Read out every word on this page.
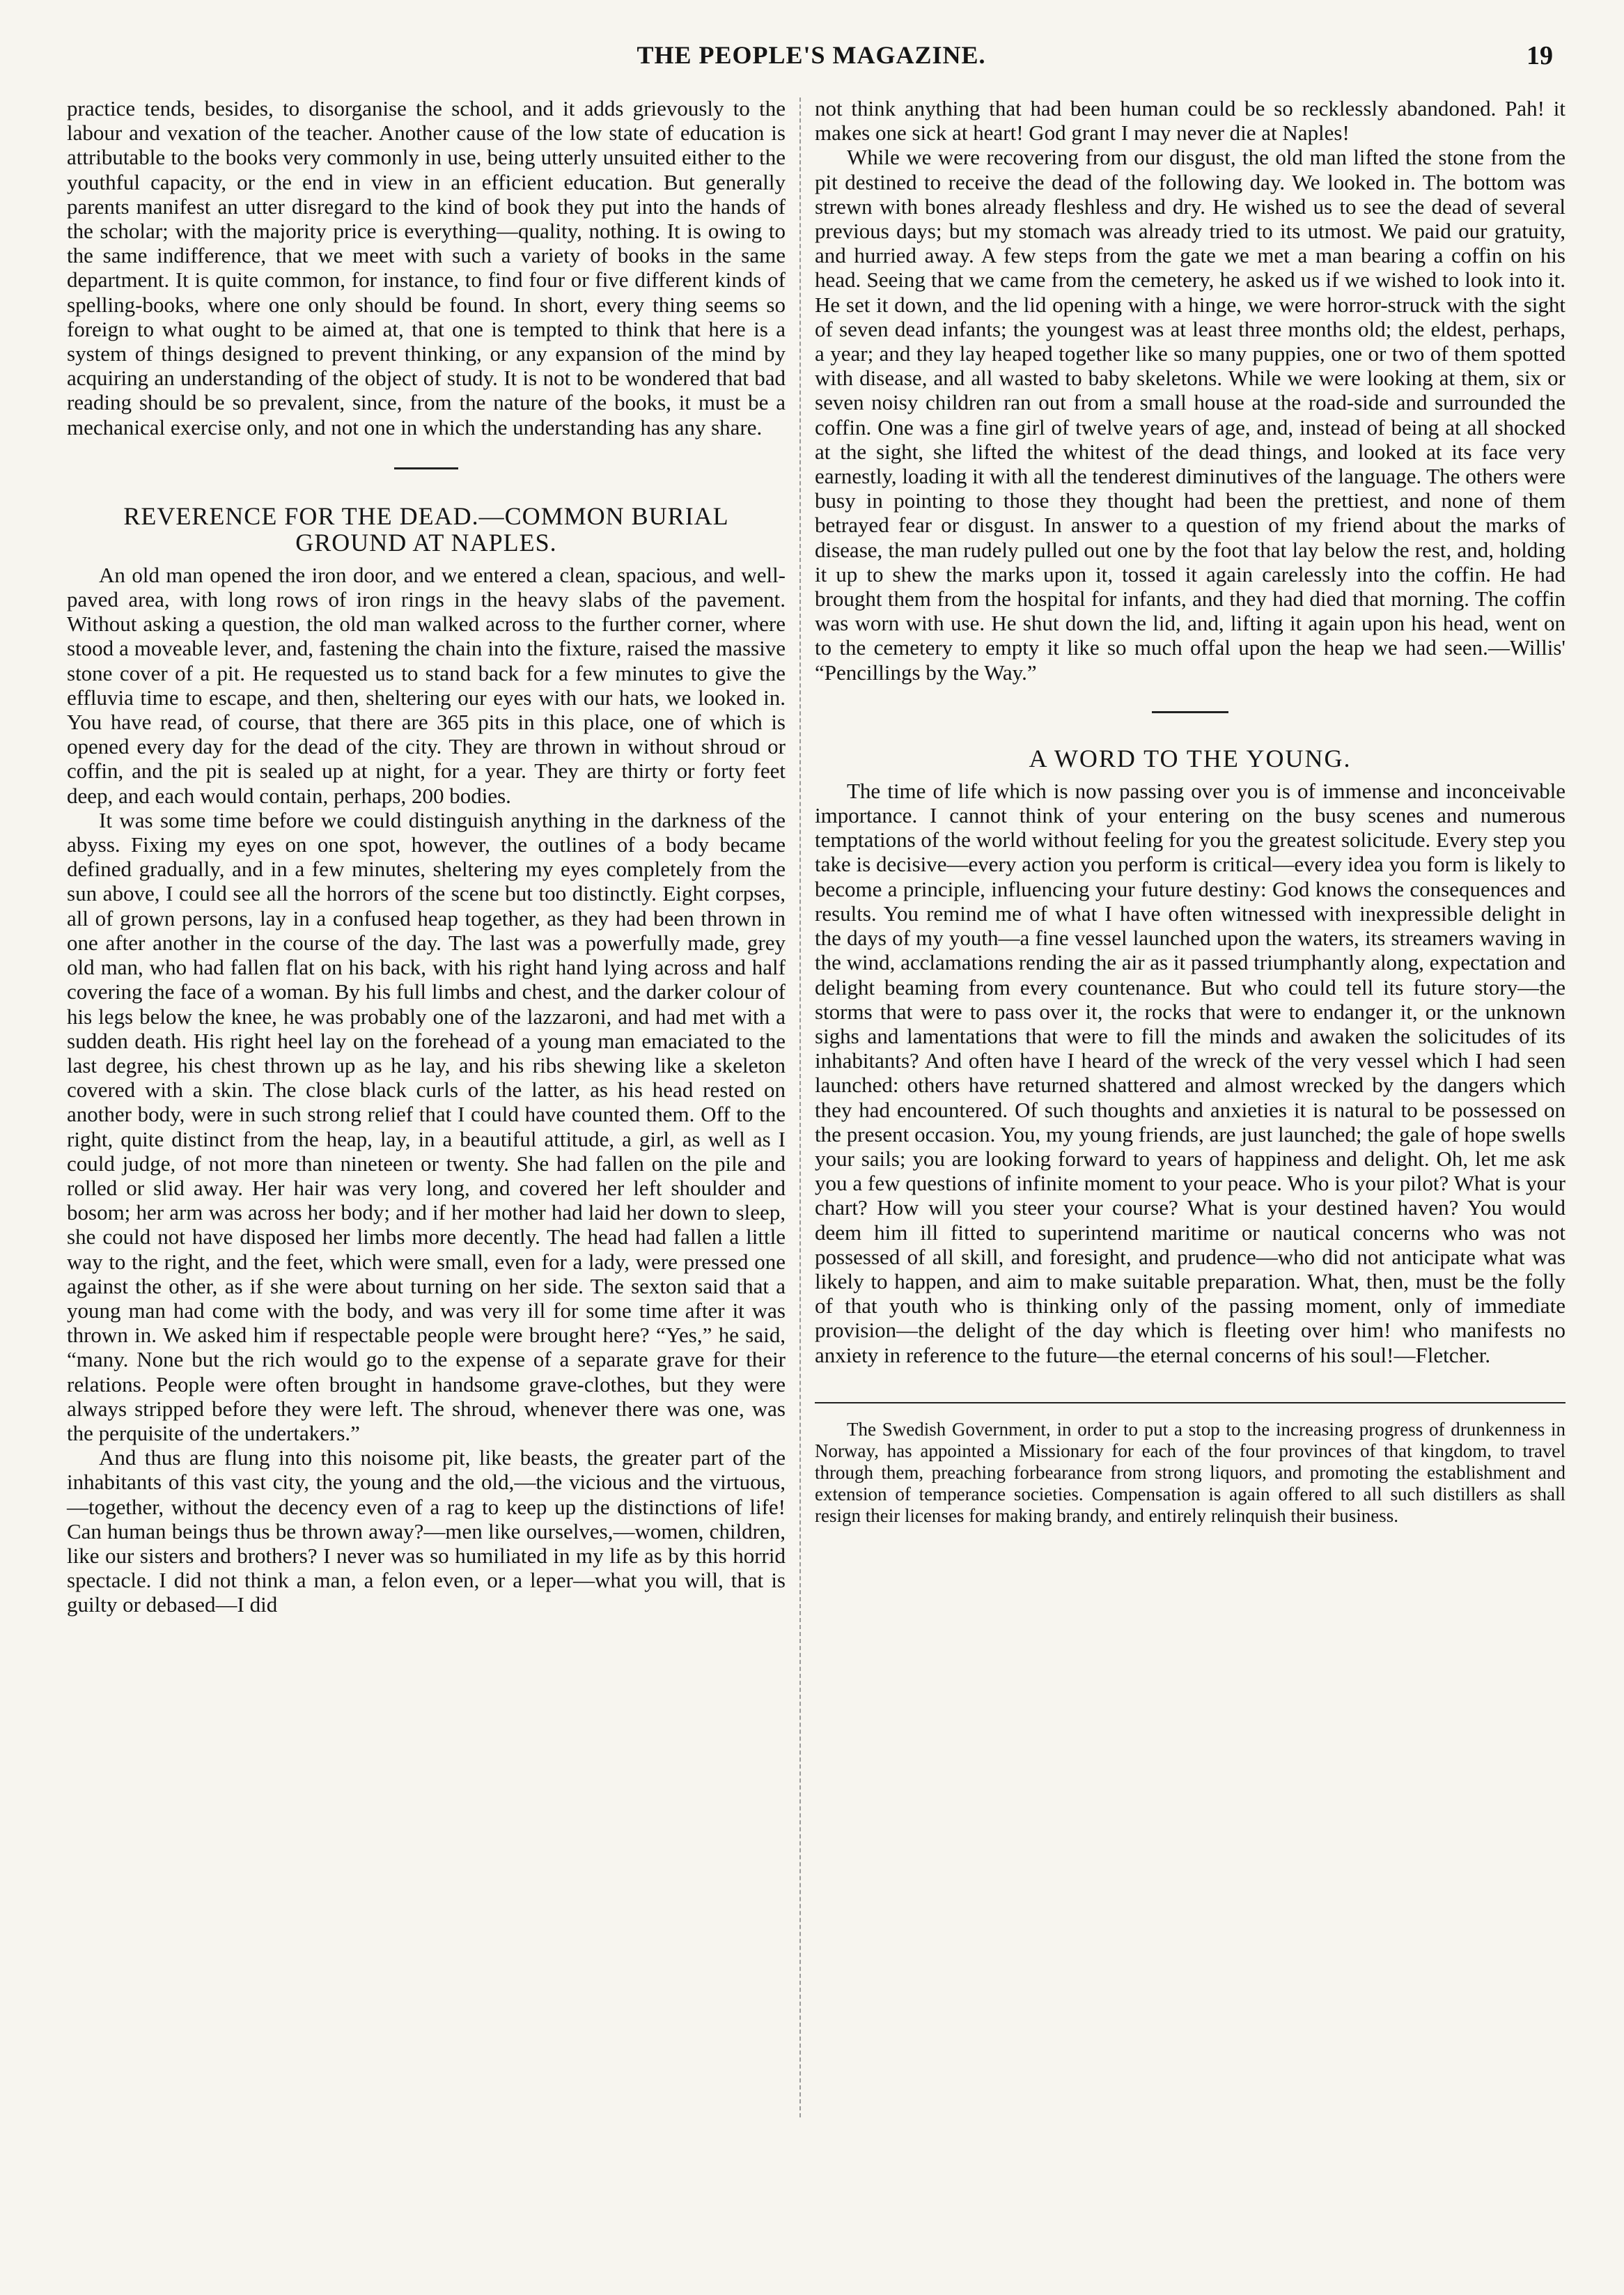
THE PEOPLE'S MAGAZINE.	19

practice tends, besides, to disorganise the school, and it adds grievously to the labour and vexation of the teacher. Another cause of the low state of education is attributable to the books very commonly in use, being utterly unsuited either to the youthful capacity, or the end in view in an efficient education. But generally parents manifest an utter disregard to the kind of book they put into the hands of the scholar; with the majority price is everything—quality, nothing. It is owing to the same indifference, that we meet with such a variety of books in the same department. It is quite common, for instance, to find four or five different kinds of spelling-books, where one only should be found. In short, every thing seems so foreign to what ought to be aimed at, that one is tempted to think that here is a system of things designed to prevent thinking, or any expansion of the mind by acquiring an understanding of the object of study. It is not to be wondered that bad reading should be so prevalent, since, from the nature of the books, it must be a mechanical exercise only, and not one in which the understanding has any share.

REVERENCE FOR THE DEAD.—COMMON BURIAL GROUND AT NAPLES.

An old man opened the iron door, and we entered a clean, spacious, and well-paved area, with long rows of iron rings in the heavy slabs of the pavement. Without asking a question, the old man walked across to the further corner, where stood a moveable lever, and, fastening the chain into the fixture, raised the massive stone cover of a pit. He requested us to stand back for a few minutes to give the effluvia time to escape, and then, sheltering our eyes with our hats, we looked in. You have read, of course, that there are 365 pits in this place, one of which is opened every day for the dead of the city. They are thrown in without shroud or coffin, and the pit is sealed up at night, for a year. They are thirty or forty feet deep, and each would contain, perhaps, 200 bodies.

It was some time before we could distinguish anything in the darkness of the abyss. Fixing my eyes on one spot, however, the outlines of a body became defined gradually, and in a few minutes, sheltering my eyes completely from the sun above, I could see all the horrors of the scene but too distinctly. Eight corpses, all of grown persons, lay in a confused heap together, as they had been thrown in one after another in the course of the day. The last was a powerfully made, grey old man, who had fallen flat on his back, with his right hand lying across and half covering the face of a woman. By his full limbs and chest, and the darker colour of his legs below the knee, he was probably one of the lazzaroni, and had met with a sudden death. His right heel lay on the forehead of a young man emaciated to the last degree, his chest thrown up as he lay, and his ribs shewing like a skeleton covered with a skin. The close black curls of the latter, as his head rested on another body, were in such strong relief that I could have counted them. Off to the right, quite distinct from the heap, lay, in a beautiful attitude, a girl, as well as I could judge, of not more than nineteen or twenty. She had fallen on the pile and rolled or slid away. Her hair was very long, and covered her left shoulder and bosom; her arm was across her body; and if her mother had laid her down to sleep, she could not have disposed her limbs more decently. The head had fallen a little way to the right, and the feet, which were small, even for a lady, were pressed one against the other, as if she were about turning on her side. The sexton said that a young man had come with the body, and was very ill for some time after it was thrown in. We asked him if respectable people were brought here? “Yes,” he said, “many. None but the rich would go to the expense of a separate grave for their relations. People were often brought in handsome grave-clothes, but they were always stripped before they were left. The shroud, whenever there was one, was the perquisite of the undertakers.”

And thus are flung into this noisome pit, like beasts, the greater part of the inhabitants of this vast city, the young and the old,—the vicious and the virtuous,—together, without the decency even of a rag to keep up the distinctions of life! Can human beings thus be thrown away?—men like ourselves,—women, children, like our sisters and brothers? I never was so humiliated in my life as by this horrid spectacle. I did not think a man, a felon even, or a leper—what you will, that is guilty or debased—I did

not think anything that had been human could be so recklessly abandoned. Pah! it makes one sick at heart! God grant I may never die at Naples!

While we were recovering from our disgust, the old man lifted the stone from the pit destined to receive the dead of the following day. We looked in. The bottom was strewn with bones already fleshless and dry. He wished us to see the dead of several previous days; but my stomach was already tried to its utmost. We paid our gratuity, and hurried away. A few steps from the gate we met a man bearing a coffin on his head. Seeing that we came from the cemetery, he asked us if we wished to look into it. He set it down, and the lid opening with a hinge, we were horror-struck with the sight of seven dead infants; the youngest was at least three months old; the eldest, perhaps, a year; and they lay heaped together like so many puppies, one or two of them spotted with disease, and all wasted to baby skeletons. While we were looking at them, six or seven noisy children ran out from a small house at the road-side and surrounded the coffin. One was a fine girl of twelve years of age, and, instead of being at all shocked at the sight, she lifted the whitest of the dead things, and looked at its face very earnestly, loading it with all the tenderest diminutives of the language. The others were busy in pointing to those they thought had been the prettiest, and none of them betrayed fear or disgust. In answer to a question of my friend about the marks of disease, the man rudely pulled out one by the foot that lay below the rest, and, holding it up to shew the marks upon it, tossed it again carelessly into the coffin. He had brought them from the hospital for infants, and they had died that morning. The coffin was worn with use. He shut down the lid, and, lifting it again upon his head, went on to the cemetery to empty it like so much offal upon the heap we had seen.—Willis' “Pencillings by the Way.”

A WORD TO THE YOUNG.

The time of life which is now passing over you is of immense and inconceivable importance. I cannot think of your entering on the busy scenes and numerous temptations of the world without feeling for you the greatest solicitude. Every step you take is decisive—every action you perform is critical—every idea you form is likely to become a principle, influencing your future destiny: God knows the consequences and results. You remind me of what I have often witnessed with inexpressible delight in the days of my youth—a fine vessel launched upon the waters, its streamers waving in the wind, acclamations rending the air as it passed triumphantly along, expectation and delight beaming from every countenance. But who could tell its future story—the storms that were to pass over it, the rocks that were to endanger it, or the unknown sighs and lamentations that were to fill the minds and awaken the solicitudes of its inhabitants? And often have I heard of the wreck of the very vessel which I had seen launched: others have returned shattered and almost wrecked by the dangers which they had encountered. Of such thoughts and anxieties it is natural to be possessed on the present occasion. You, my young friends, are just launched; the gale of hope swells your sails; you are looking forward to years of happiness and delight. Oh, let me ask you a few questions of infinite moment to your peace. Who is your pilot? What is your chart? How will you steer your course? What is your destined haven? You would deem him ill fitted to superintend maritime or nautical concerns who was not possessed of all skill, and foresight, and prudence—who did not anticipate what was likely to happen, and aim to make suitable preparation. What, then, must be the folly of that youth who is thinking only of the passing moment, only of immediate provision—the delight of the day which is fleeting over him! who manifests no anxiety in reference to the future—the eternal concerns of his soul!—Fletcher.

The Swedish Government, in order to put a stop to the increasing progress of drunkenness in Norway, has appointed a Missionary for each of the four provinces of that kingdom, to travel through them, preaching forbearance from strong liquors, and promoting the establishment and extension of temperance societies. Compensation is again offered to all such distillers as shall resign their licenses for making brandy, and entirely relinquish their business.
